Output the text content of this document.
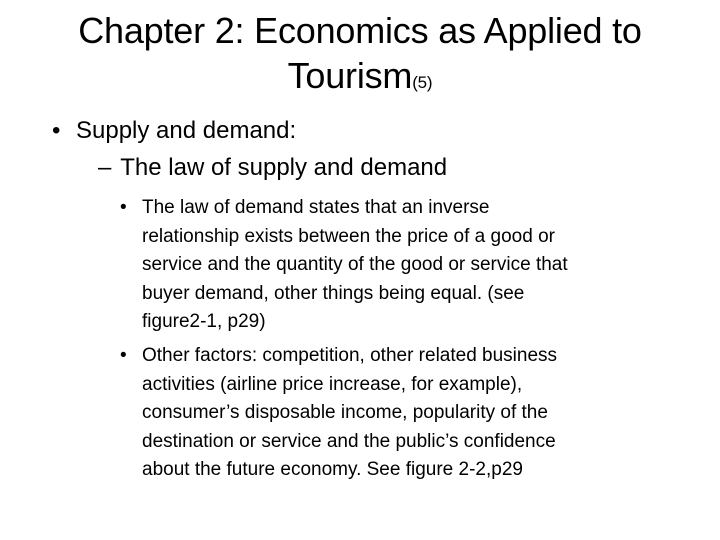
Chapter 2: Economics as Applied to
Tourism(5)
• Supply and demand:
– The law of supply and demand
• The law of demand states that an inverse
relationship exists between the price of a good or
service and the quantity of the good or service that
buyer demand, other things being equal. (see
figure2-1, p29)
• Other factors: competition, other related business
activities (airline price increase, for example),
consumer’s disposable income, popularity of the
destination or service and the public’s confidence
about the future economy. See figure 2-2,p29
